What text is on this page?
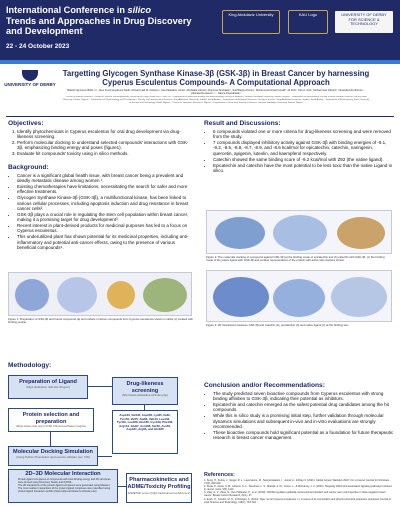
International Conference in silico
Trends and Approaches in Drug Discovery and Development
22 - 24 October 2023
King Abdulaziz University	KAU Logo	UNIVERSITY OF DERBY FOR SCIENCE & TECHNOLOGY
UNIVERSITY OF DERBY
Targetting Glycogen Synthase Kinase-3β (GSK-3β) in Breast Cancer by harnessing Cyperus Esculentus Compounds- A Computational Approach
Bidwiti Ogunseni Bello ¹⁽²⁾, Jane Kuximanyahuna Sadi², Mohammad M. Asfaoim¹, Hamzatkabiru Umar², Abubakar Attmat³, Abiyemsi Abubakar⁴, Sulif Bagis Ahman¹, Mohammed Hosefi Amalil³, Ali Zeft⁶, Tobi A. Zort¹, Mohammed Infisari¹³, Oluwabumbi Nkiruto¹⁴, Atkinasohio Hamo¹⁵⁽⁵⁾, Narica Popoalleda¹⁶
¹ School of Human Sciences, College of Science and Engineering, University of Derby, Derby DE22 1GB, UK; ² Department of Molecular Biology and Biotechnology, Faculty of Medicine, Usmanu Danfodiyo University, Sokoto, Nigeria; ³ Department of Biochemistry, Faculty of Basic Medical Sciences, Bauchi State University, Gadau, Nigeria; ⁴ Department of Pharmacology and Therapeutics, Faculty of Pharmaceutical Sciences, King Abdulaziz University, Jeddah, Saudi Arabia; ⁵ Department of Biological Sciences, Faculty of Science, King Abdulaziz University, Jeddah, Saudi Arabia; ⁶ Department of Biochemistry, Kano University of Science and Technology, Wudil, Nigeria; ⁷ Centre for Genomics Research, Nigeria; ⁸ Department of Chemistry, Faculty of Science, Usmanu Danfodiyo University, Sokoto, Nigeria
Objectives:
1. Identify phytochemicals in Cyperus esculentus for oral drug development via drug-likeness screening.
2. Perform molecular docking to understand selected compounds' interactions with GSK-3β, emphasizing binding energy and poses (figure1).
3. Evaluate hit compounds' toxicity using in silico methods.
Background:
• Cancer is a significant global health issue, with breast cancer being a prevalent and deadly metastatic disease among women ¹.
• Existing chemotherapies have limitations, necessitating the search for safer and more effective treatments.
• Glycogen Synthase Kinase-3β (GSK-3β), a multifunctional kinase, has been linked to various cellular processes, including apoptosis induction and drug resistance in breast cancer cells².
• GSK-3β plays a crucial role in regulating the stem cell population within breast cancer, making it a promising target for drug development³.
• Recent interest in plant-derived products for medicinal purposes has led to a focus on Cyperus esculentus.
• This underutilized plant has shown potential for its medicinal properties, including anti-inflammatory and potential anti-cancer effects, owing to the presence of various beneficial compounds⁴.
Figure 1: Preparation of GSK-3β and bound compound (a) and surface of active compounds from Cyperus esculentus shown in sticks (c) located with binding pocket.
Methodology:
Preparation of Ligand
(https://pubchem.ncbi.nlm.nih.gov/)	Drug-likeness screening
(http://www.swissadme.ch/index.php)
Protein selection and preparation
(https://www.rcsb.org/) UCSF Chimera software program
Asp133, Val135, Asp200, Lys85, Ile62, Tyr134, Val70, Ala83, Val110, Leu132, Tyr140, Leu188, Gln185, Cys199, Phe136, Arg144, Glu97, Asn186, Ser66, Asn64, Asp181, Arg96, and Gln186
Molecular Docking Simulation
(Using Python Prescription open-source software (ver. 0.8))
2D–3D Molecular Interaction
• Protein-ligand complexes of compounds with best binding energy and 3D structures were formed using Discovery Studio and PyMOL.
• The 2D interactions of the protein-ligand complexes were generated using Maestro.
• The most resilient interactions of the protein-ligand complexes were identified using protein-ligand interaction profiler (https://plip-tool.biotec.tu-dresden.de/)
Pharmacokinetics and ADME/Toxicity Profiling
ADMETlab server (https://admetmesh.scbdd.com/)
Result and Discussions:
• 6 compounds violated one or more criteria for drug-likeness screening and were removed from the study.
• 7 compounds displayed inhibitory activity against GSK-3β with binding energies of -9.1, -9.2, -8.5, -8.8, -8.7, -8.9, and -8.6 kcal/mol for epicatechin, catechin, naringenin, quercetin, apigenin, luteolin, and kaempferol respectively.
• Catechin showed the same binding score of -9.2 kcal/mol with Z92 (the native ligand).
• Epicatechin and catechin have the most potential to be less toxic than the native Ligand in silico.
Figure 2: The molecular docking of compound against GSK-3β (a) the binding mode of epicatechin and (b) catechin with GSK-3β; (c) the binding mode of the native ligand with GSK-3β and surface representation of the protein with active site residues shown.
Figure 3: 2D interactions between GSK-3β and catechin (a), epicatechin (b) and native ligand (c) at the binding site.
Conclusion and/or Recommendations:
• The study predicted seven bioactive compounds from Cyperus esculentus with strong binding affinities to GSK-3β, indicating their potential as inhibitors.
• Epicatechin and catechin emerged as the safest potential drug candidates among the hit compounds.
• While this in silico study is a promising initial step, further validation through molecular dynamics simulations and subsequent in-vivo and in-vitro evaluations are strongly recommended.
• These bioactive compounds hold significant potential as a foundation for future therapeutic research in breast cancer management.
References:
1. Sung, H., Ferlay, J., Siegel, R. L., Laversanne, M., Soerjomataram, I., Jemal, A., & Bray, F. (2021). Global Cancer Statistics 2020. CA: a Cancer Journal for Clinicians, 71(3), 209-249.
2. Duda, P., Akula, S. M., Abrams, S. L., Steelman, L. S., Martelli, A. M., Cocco, L., & McCubrey, J. A. (2020). Targeting GSK3 and associated signaling pathways involved in cancer. Cells, 9(5), 1110.
3. Vijay, G. V., Zhao, N., Den Hollander, P., et al. (2019). GSK3β regulates epithelial-mesenchymal transition and cancer stem cell properties in triple-negative breast cancer. Breast Cancer Research, 21(1), 37.
4. Ezeh, O., Gordon, M. H., & Niranjan, K. (2014). Tiger nut oil (Cyperus esculentus L.): A review of its composition and physico-chemical properties. European Journal of Lipid Science and Technology, 116(7), 783-794.
